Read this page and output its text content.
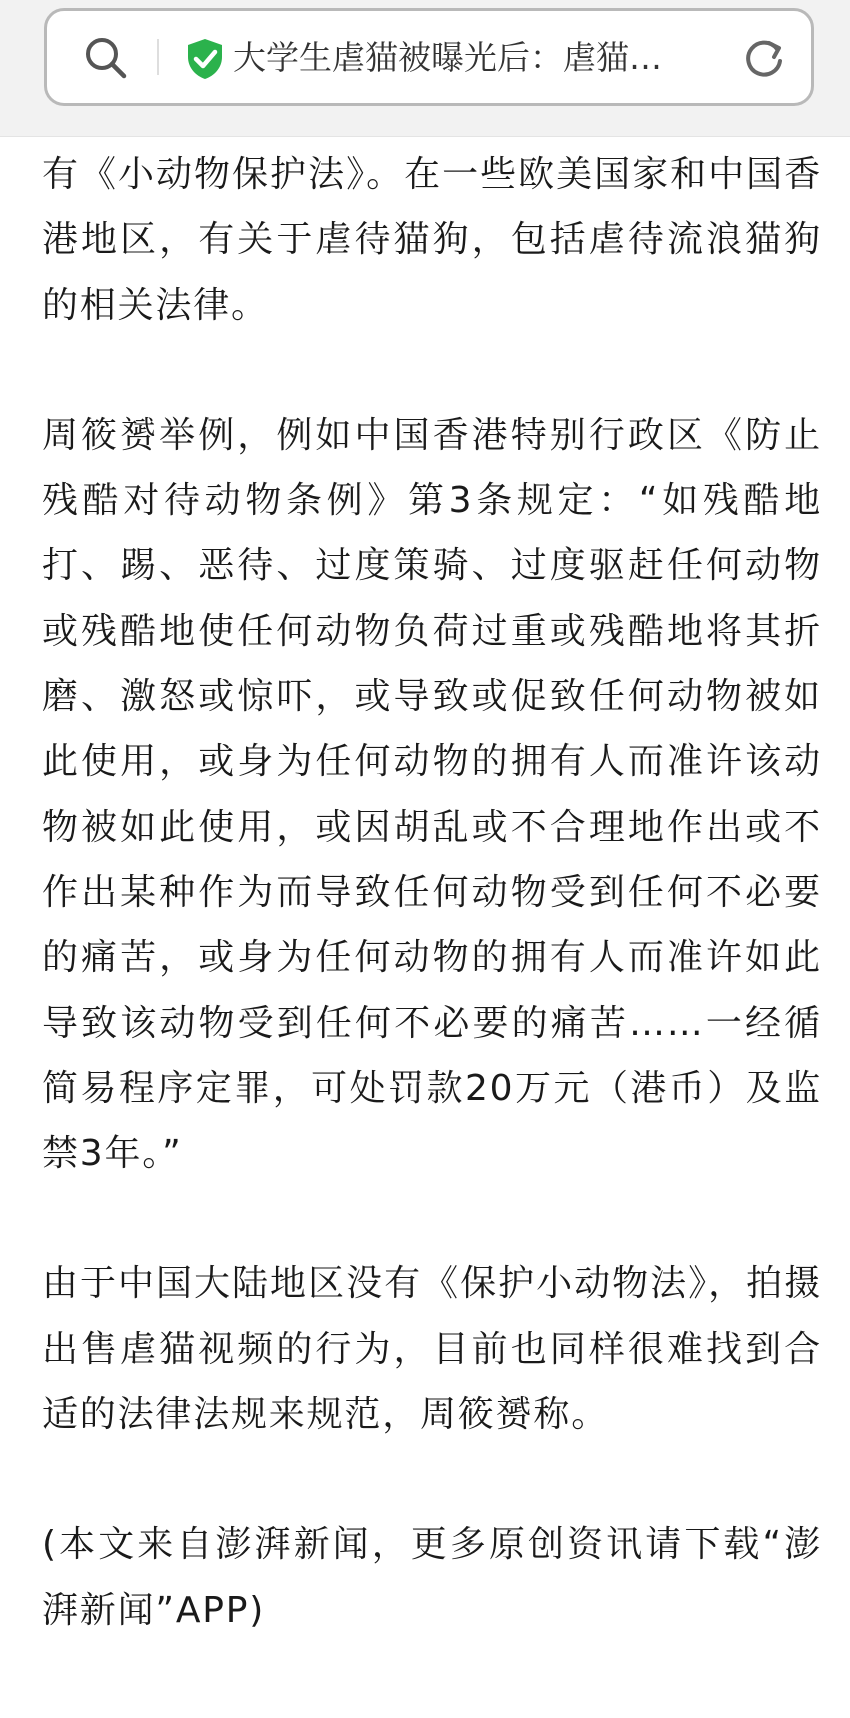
大学生虐猫被曝光后：虐猫…

有《小动物保护法》。在一些欧美国家和中国香港地区，有关于虐待猫狗，包括虐待流浪猫狗的相关法律。

周筱赟举例，例如中国香港特别行政区《防止残酷对待动物条例》第3条规定：“如残酷地打、踢、恶待、过度策骑、过度驱赶任何动物或残酷地使任何动物负荷过重或残酷地将其折磨、激怒或惊吓，或导致或促致任何动物被如此使用，或身为任何动物的拥有人而准许该动物被如此使用，或因胡乱或不合理地作出或不作出某种作为而导致任何动物受到任何不必要的痛苦，或身为任何动物的拥有人而准许如此导致该动物受到任何不必要的痛苦……一经循简易程序定罪，可处罚款20万元（港币）及监禁3年。”

由于中国大陆地区没有《保护小动物法》，拍摄出售虐猫视频的行为，目前也同样很难找到合适的法律法规来规范，周筱赟称。

(本文来自澎湃新闻，更多原创资讯请下载“澎湃新闻”APP)
